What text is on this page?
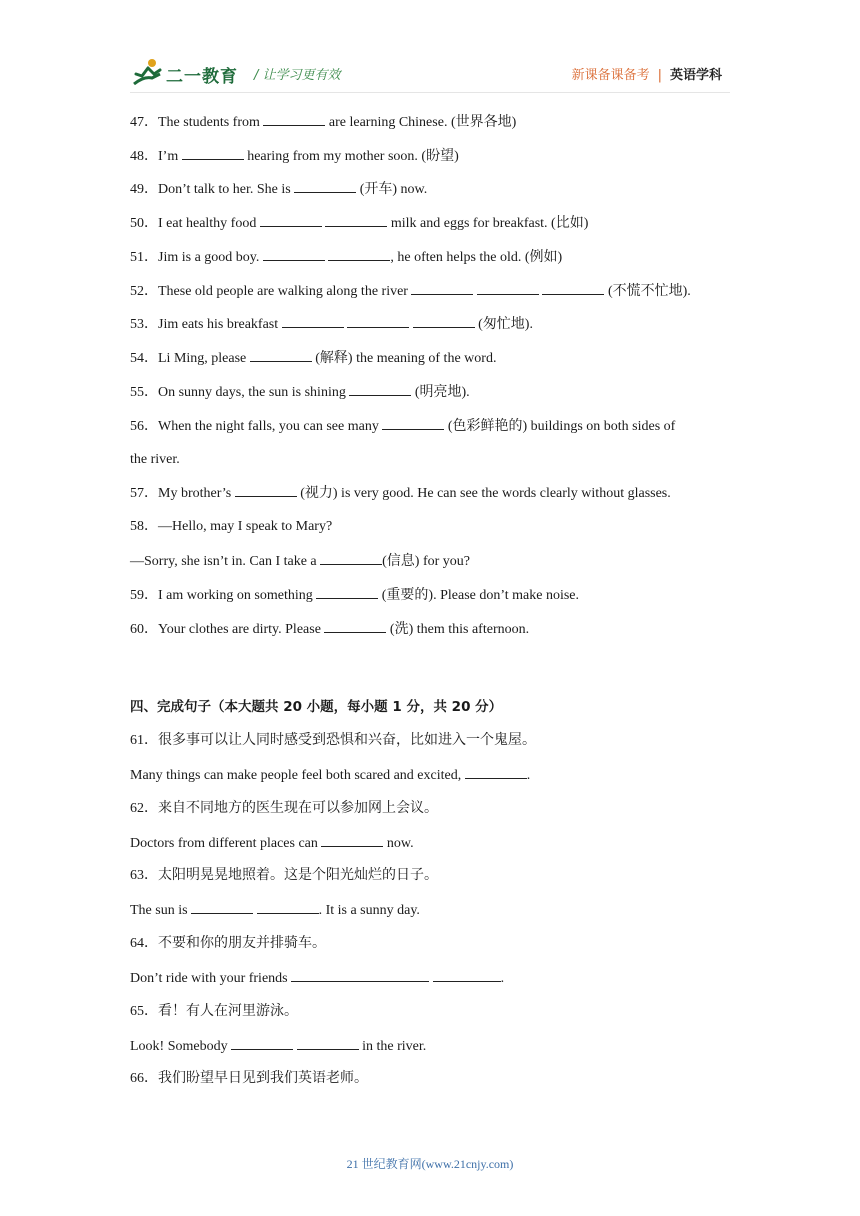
二一教育 / 让学习更有效	新课备课备考 | 英语学科
47．The students from	are learning Chinese. (世界各地)
48．I’m	hearing from my mother soon. (盼望)
49．Don’t talk to her. She is	(开车) now.
50．I eat healthy food	milk and eggs for breakfast. (比如)
51．Jim is a good boy.	, he often helps the old. (例如)
52．These old people are walking along the river	(不慌不忙地).
53．Jim eats his breakfast	(匆忙地).
54．Li Ming, please	(解释) the meaning of the word.
55．On sunny days, the sun is shining	(明亮地).
56．When the night falls, you can see many	(色彩鲜艳的) buildings on both sides of
the river.
57．My brother’s	(视力) is very good. He can see the words clearly without glasses.
58．—Hello, may I speak to Mary?
—Sorry, she isn’t in. Can I take a	(信息) for you?
59．I am working on something	(重要的). Please don’t make noise.
60．Your clothes are dirty. Please	(洗) them this afternoon.
四、完成句子（本大题共 20 小题，每小题 1 分，共 20 分）
61．很多事可以让人同时感受到恐惧和兴奋，比如进入一个鬼屋。
Many things can make people feel both scared and excited,	.
62．来自不同地方的医生现在可以参加网上会议。
Doctors from different places can	now.
63．太阳明晃晃地照着。这是个阳光灿烂的日子。
The sun is	. It is a sunny day.
64．不要和你的朋友并排骑车。
Don’t ride with your friends	.
65．看！有人在河里游泳。
Look! Somebody	in the river.
66．我们盼望早日见到我们英语老师。
21 世纪教育网(www.21cnjy.com)
